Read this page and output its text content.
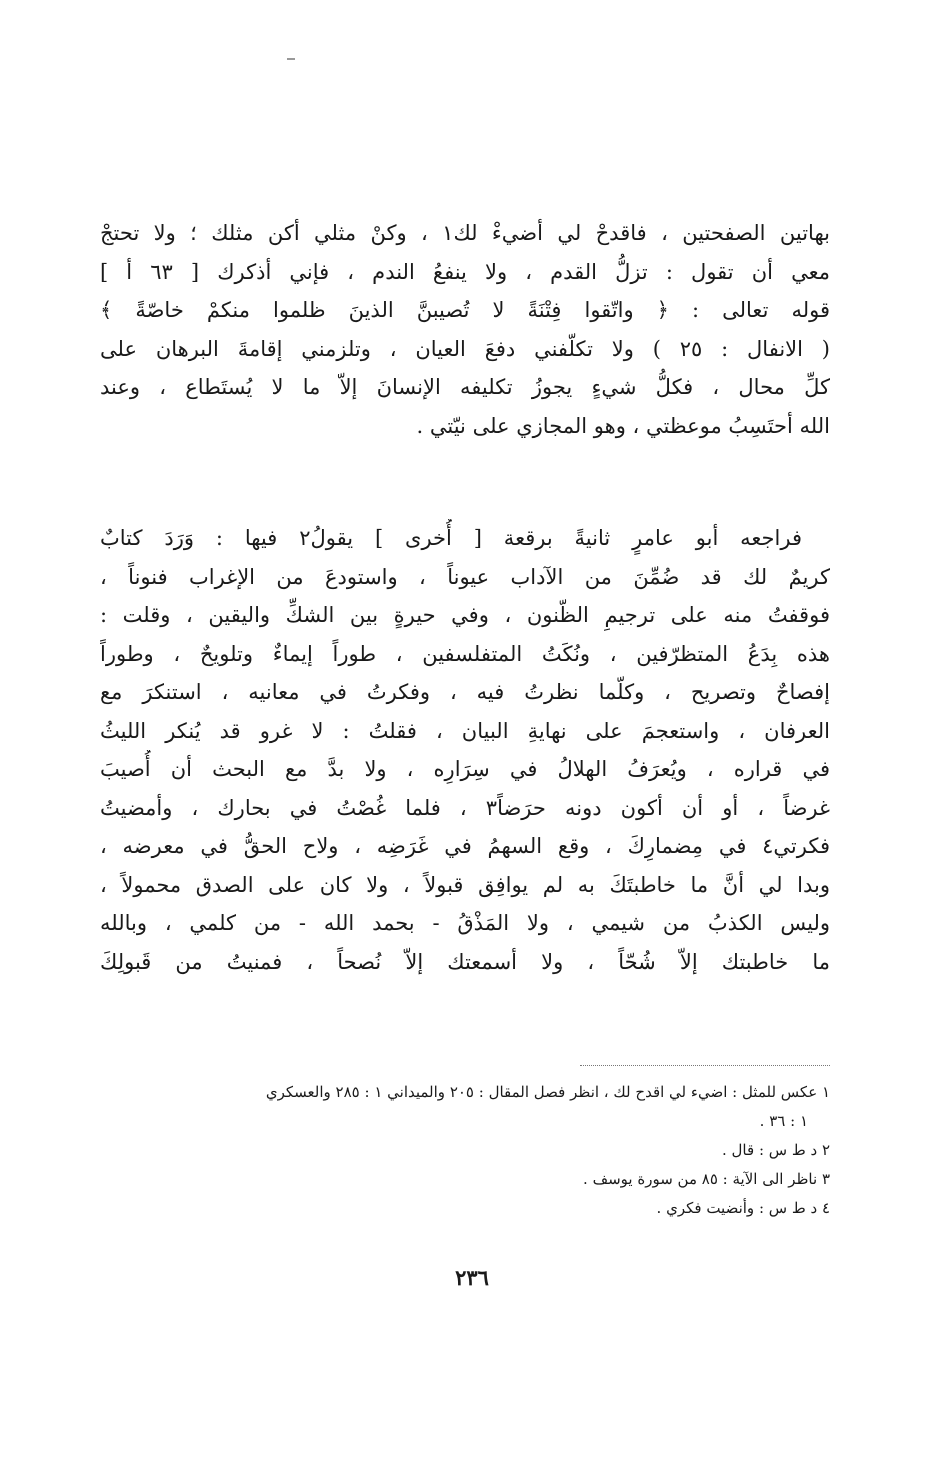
بهاتين الصفحتين ، فاقدحْ لي أضيءْ لك١ ، وكنْ مثلي أكن مثلك ؛ ولا تحتجْ
معي أن تقول : تزلُّ القدم ، ولا ينفعُ الندم ، فإني أذكرك [ ٦٣ أ ]
قوله تعالى : ﴿ واتّقوا فِتْنَةً لا تُصيبنَّ الذينَ ظلموا منكمْ خاصّةً ﴾
( الانفال : ٢٥ ) ولا تكلّفني دفعَ العيان ، وتلزمني إقامةَ البرهان على
كلِّ محال ، فكلُّ شيءٍ يجوزُ تكليفه الإنسانَ إلاّ ما لا يُستَطاع ، وعند
الله أحتَسِبُ موعظتي ، وهو المجازي على نيّتي .
فراجعه أبو عامرٍ ثانيةً برقعة [ أُخرى ] يقولُ٢ فيها : وَرَدَ كتابٌ
كريمٌ لك قد ضُمِّنَ من الآداب عيوناً ، واستودعَ من الإغراب فنوناً ،
فوقفتُ منه على ترجيمِ الظّنون ، وفي حيرةٍ بين الشكِّ واليقين ، وقلت :
هذه بِدَعُ المتظرّفين ، ونُكَتُ المتفلسفين ، طوراً إيماءٌ وتلويحٌ ، وطوراً
إفصاحٌ وتصريح ، وكلّما نظرتُ فيه ، وفكرتُ في معانيه ، استنكرَ مع
العرفان ، واستعجمَ على نهايةِ البيان ، فقلتُ : لا غرو قد يُنكر الليثُ
في قراره ، ويُعرَفُ الهلالُ في سِرَارِه ، ولا بدَّ مع البحث أن أُصيبَ
غرضاً ، أو أن أكون دونه حرَضاً٣ ، فلما غُصْتُ في بحارك ، وأمضيتُ
فكرتي٤ في مِضمارِكَ ، وقع السهمُ في غَرَضِه ، ولاح الحقُّ في معرضه ،
وبدا لي أنَّ ما خاطبتَكَ به لم يوافِق قبولاً ، ولا كان على الصدق محمولاً ،
وليس الكذبُ من شيمي ، ولا المَذْقُ - بحمد الله - من كلمي ، وبالله
ما خاطبتك إلاّ شُحّاً ، ولا أسمعتك إلاّ نُصحاً ، فمنيتُ من قَبولِكَ
١ عكس للمثل : اضيء لي اقدح لك ، انظر فصل المقال : ٢٠٥ والميداني ١ : ٢٨٥ والعسكري
١ : ٣٦ .
٢ د ط س : قال .
٣ ناظر الى الآية : ٨٥ من سورة يوسف .
٤ د ط س : وأنضيت فكري .
٢٣٦
